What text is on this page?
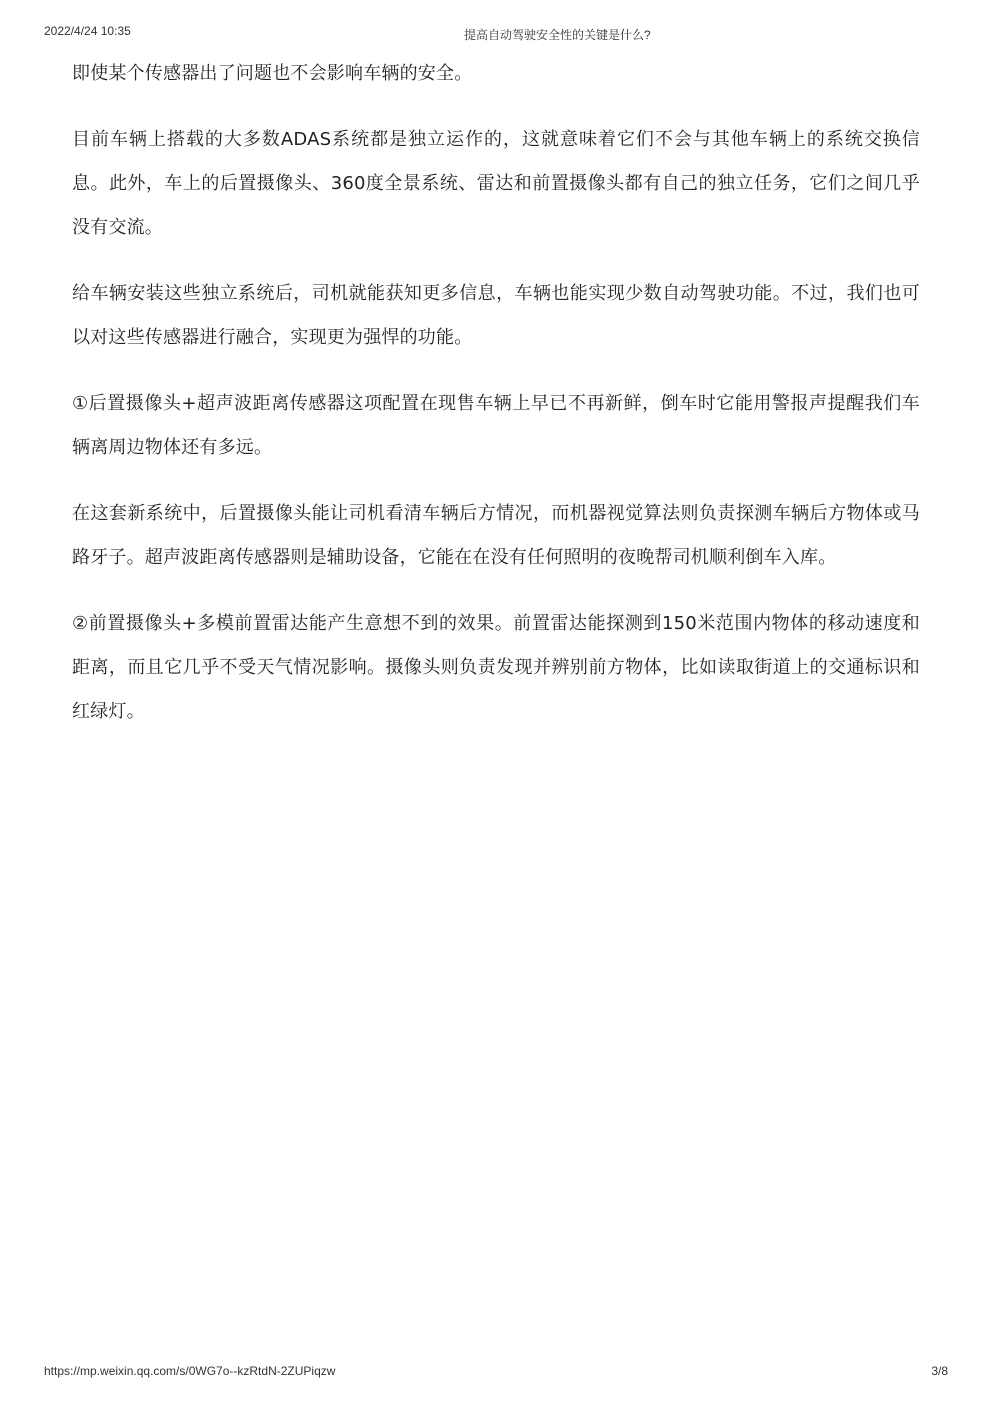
2022/4/24 10:35	提高自动驾驶安全性的关键是什么?

即使某个传感器出了问题也不会影响车辆的安全。

目前车辆上搭载的大多数ADAS系统都是独立运作的，这就意味着它们不会与其他车辆上的系统交换信息。此外，车上的后置摄像头、360度全景系统、雷达和前置摄像头都有自己的独立任务，它们之间几乎没有交流。

给车辆安装这些独立系统后，司机就能获知更多信息，车辆也能实现少数自动驾驶功能。不过，我们也可以对这些传感器进行融合，实现更为强悍的功能。

①后置摄像头+超声波距离传感器这项配置在现售车辆上早已不再新鲜，倒车时它能用警报声提醒我们车辆离周边物体还有多远。

在这套新系统中，后置摄像头能让司机看清车辆后方情况，而机器视觉算法则负责探测车辆后方物体或马路牙子。超声波距离传感器则是辅助设备，它能在在没有任何照明的夜晚帮司机顺利倒车入库。

②前置摄像头+多模前置雷达能产生意想不到的效果。前置雷达能探测到150米范围内物体的移动速度和距离，而且它几乎不受天气情况影响。摄像头则负责发现并辨别前方物体，比如读取街道上的交通标识和红绿灯。

https://mp.weixin.qq.com/s/0WG7o--kzRtdN-2ZUPiqzw	3/8
